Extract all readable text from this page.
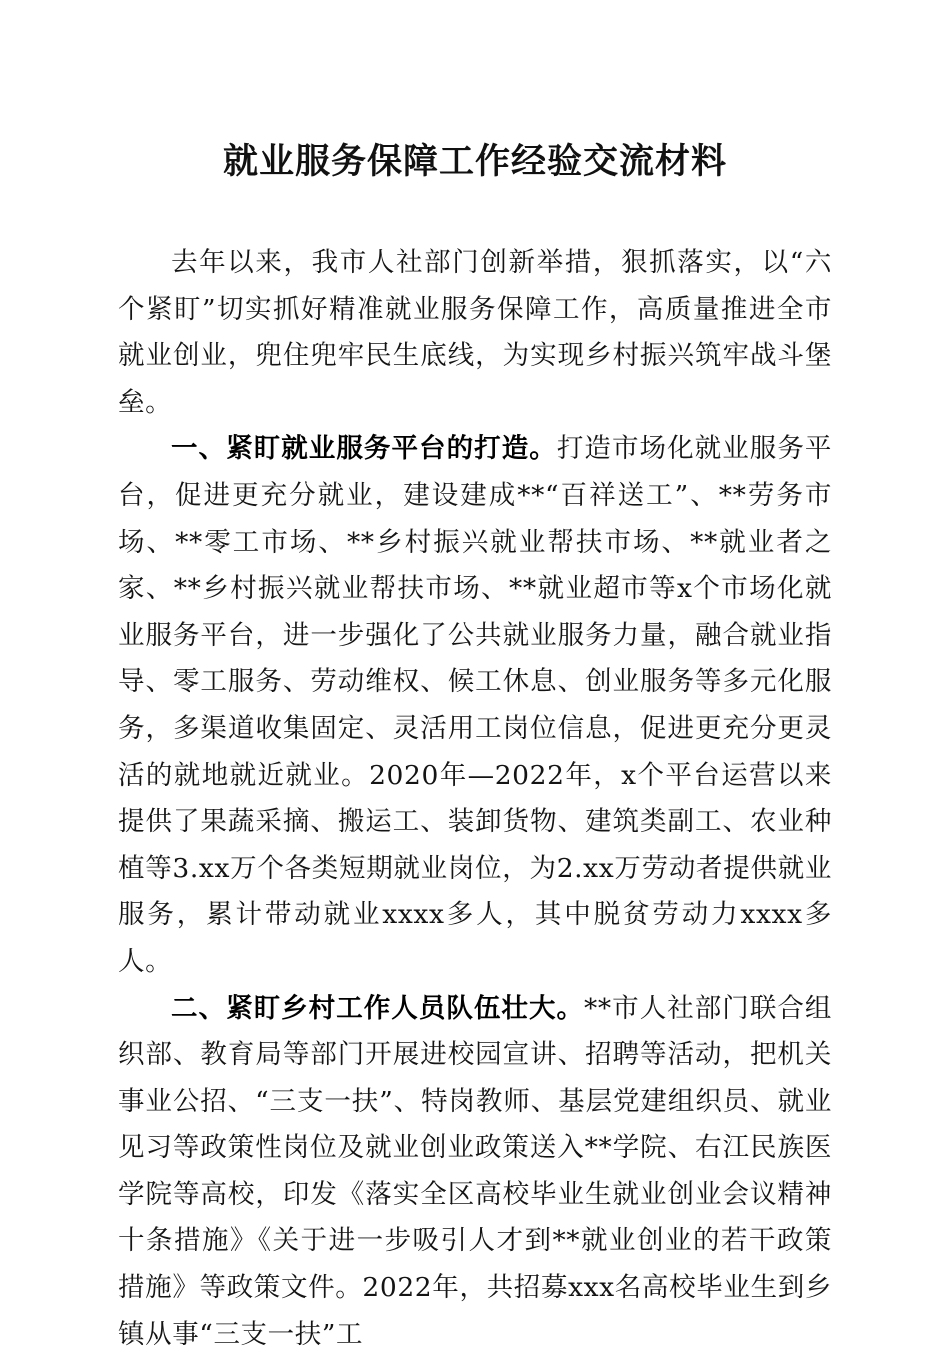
就业服务保障工作经验交流材料

去年以来，我市人社部门创新举措，狠抓落实，以“六个紧盯”切实抓好精准就业服务保障工作，高质量推进全市就业创业，兜住兜牢民生底线，为实现乡村振兴筑牢战斗堡垒。

一、紧盯就业服务平台的打造。打造市场化就业服务平台，促进更充分就业，建设建成**“百祥送工”、**劳务市场、**零工市场、**乡村振兴就业帮扶市场、**就业者之家、**乡村振兴就业帮扶市场、**就业超市等x个市场化就业服务平台，进一步强化了公共就业服务力量，融合就业指导、零工服务、劳动维权、候工休息、创业服务等多元化服务，多渠道收集固定、灵活用工岗位信息，促进更充分更灵活的就地就近就业。2020年—2022年，x个平台运营以来提供了果蔬采摘、搬运工、装卸货物、建筑类副工、农业种植等3.xx万个各类短期就业岗位，为2.xx万劳动者提供就业服务，累计带动就业xxxx多人，其中脱贫劳动力xxxx多人。

二、紧盯乡村工作人员队伍壮大。**市人社部门联合组织部、教育局等部门开展进校园宣讲、招聘等活动，把机关事业公招、“三支一扶”、特岗教师、基层党建组织员、就业见习等政策性岗位及就业创业政策送入**学院、右江民族医学院等高校，印发《落实全区高校毕业生就业创业会议精神十条措施》《关于进一步吸引人才到**就业创业的若干政策措施》等政策文件。2022年，共招募xxx名高校毕业生到乡镇从事“三支一扶”工
